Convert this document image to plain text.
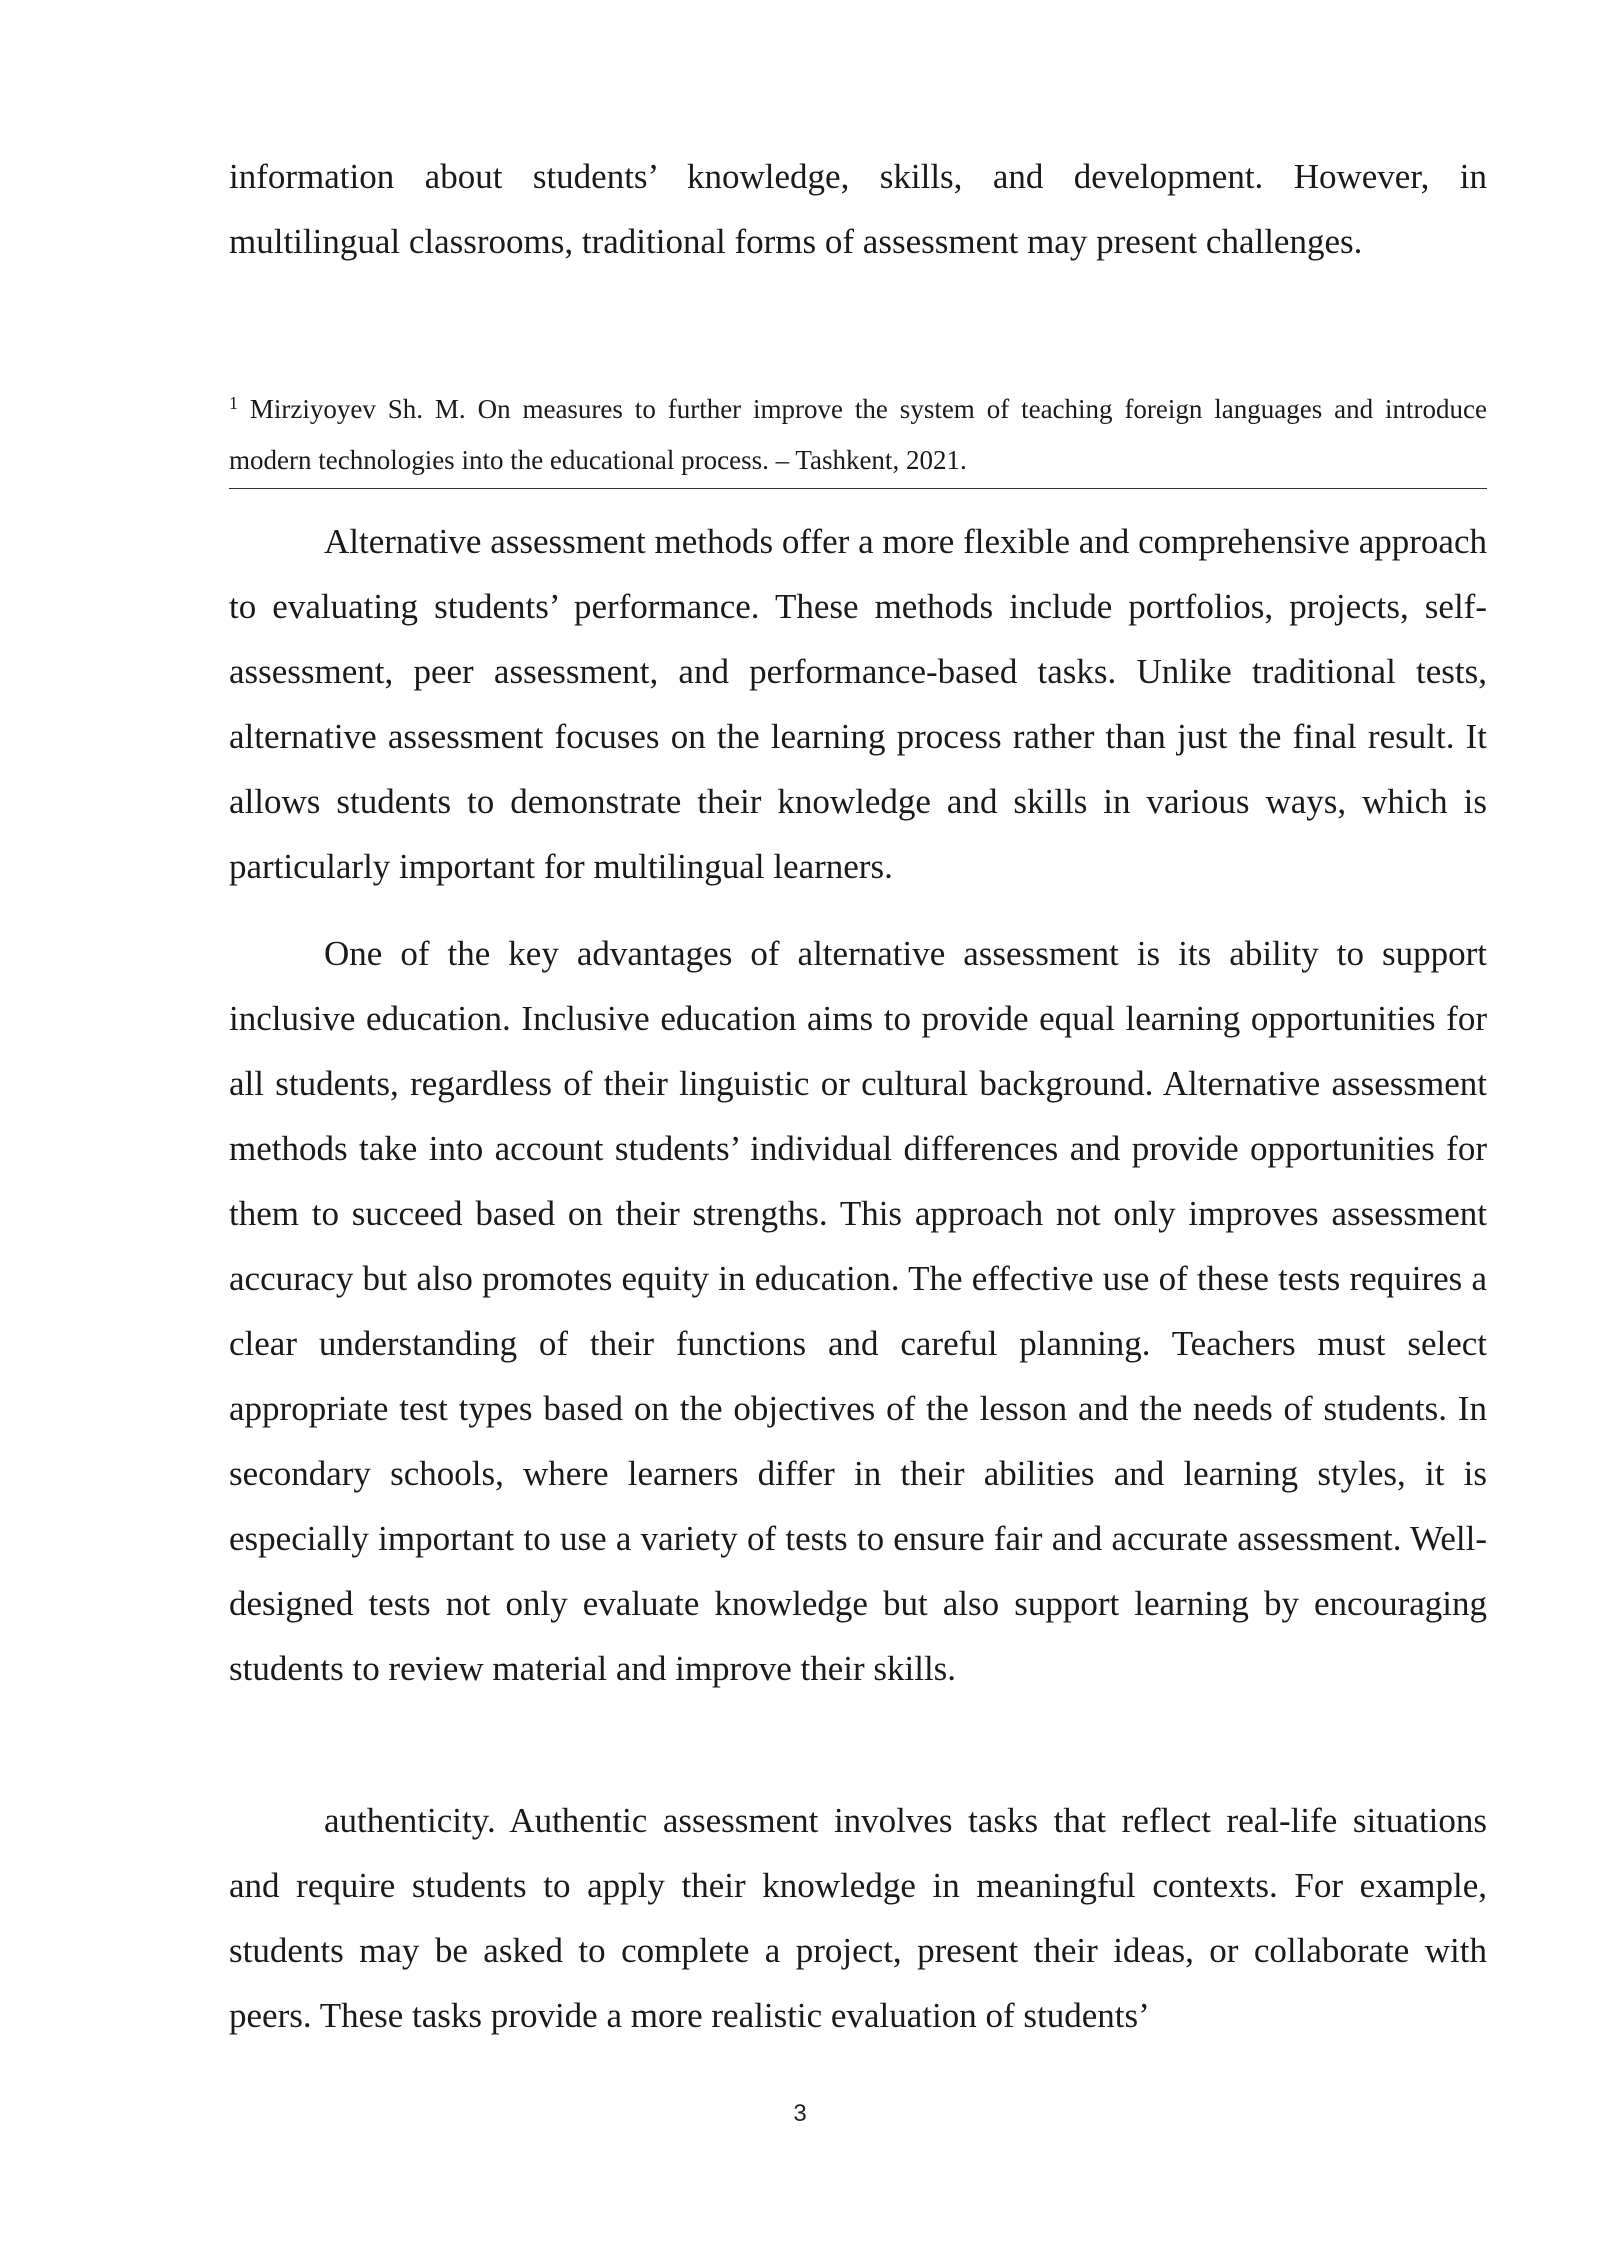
information about students’ knowledge, skills, and development. However, in multilingual classrooms, traditional forms of assessment may present challenges.

$^1$ Mirziyoyev Sh. M. On measures to further improve the system of teaching foreign languages and introduce modern technologies into the educational process. – Tashkent, 2021.

Alternative assessment methods offer a more flexible and comprehensive approach to evaluating students’ performance. These methods include portfolios, projects, self-assessment, peer assessment, and performance-based tasks. Unlike traditional tests, alternative assessment focuses on the learning process rather than just the final result. It allows students to demonstrate their knowledge and skills in various ways, which is particularly important for multilingual learners.

One of the key advantages of alternative assessment is its ability to support inclusive education. Inclusive education aims to provide equal learning opportunities for all students, regardless of their linguistic or cultural background. Alternative assessment methods take into account students’ individual differences and provide opportunities for them to succeed based on their strengths. This approach not only improves assessment accuracy but also promotes equity in education. The effective use of these tests requires a clear understanding of their functions and careful planning. Teachers must select appropriate test types based on the objectives of the lesson and the needs of students. In secondary schools, where learners differ in their abilities and learning styles, it is especially important to use a variety of tests to ensure fair and accurate assessment. Well-designed tests not only evaluate knowledge but also support learning by encouraging students to review material and improve their skills.

authenticity. Authentic assessment involves tasks that reflect real-life situations and require students to apply their knowledge in meaningful contexts. For example, students may be asked to complete a project, present their ideas, or collaborate with peers. These tasks provide a more realistic evaluation of students’

3
